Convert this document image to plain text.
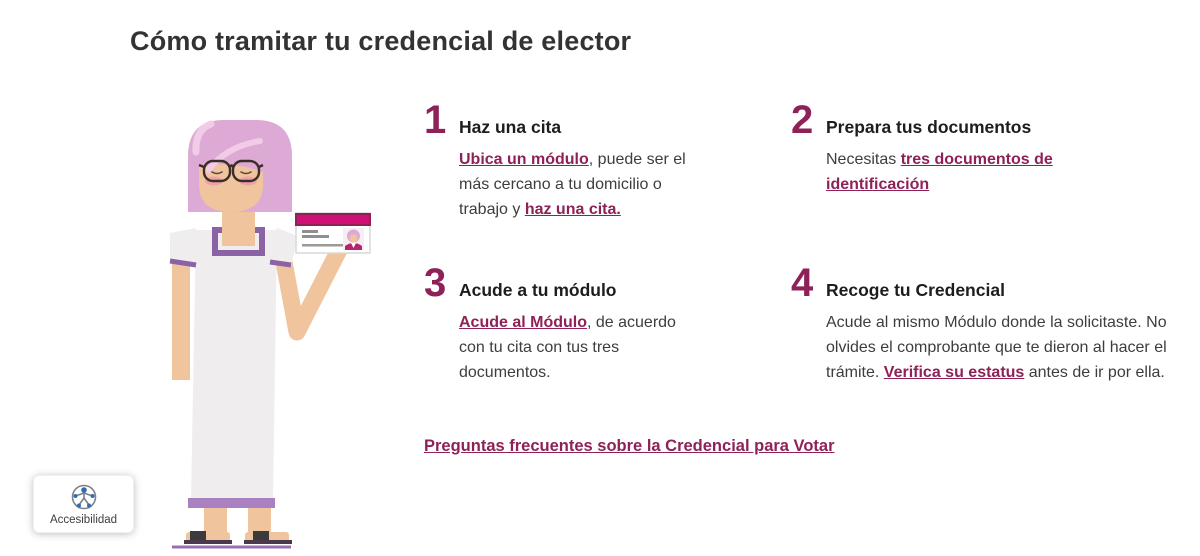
Cómo tramitar tu credencial de elector
1 Haz una cita

Ubica un módulo, puede ser el más cercano a tu domicilio o trabajo y haz una cita.

2 Prepara tus documentos

Necesitas tres documentos de identificación

3 Acude a tu módulo

Acude al Módulo, de acuerdo con tu cita con tus tres documentos.

4 Recoge tu Credencial

Acude al mismo Módulo donde la solicitaste. No olvides el comprobante que te dieron al hacer el trámite. Verifica su estatus antes de ir por ella.

Preguntas frecuentes sobre la Credencial para Votar
Accesibilidad
